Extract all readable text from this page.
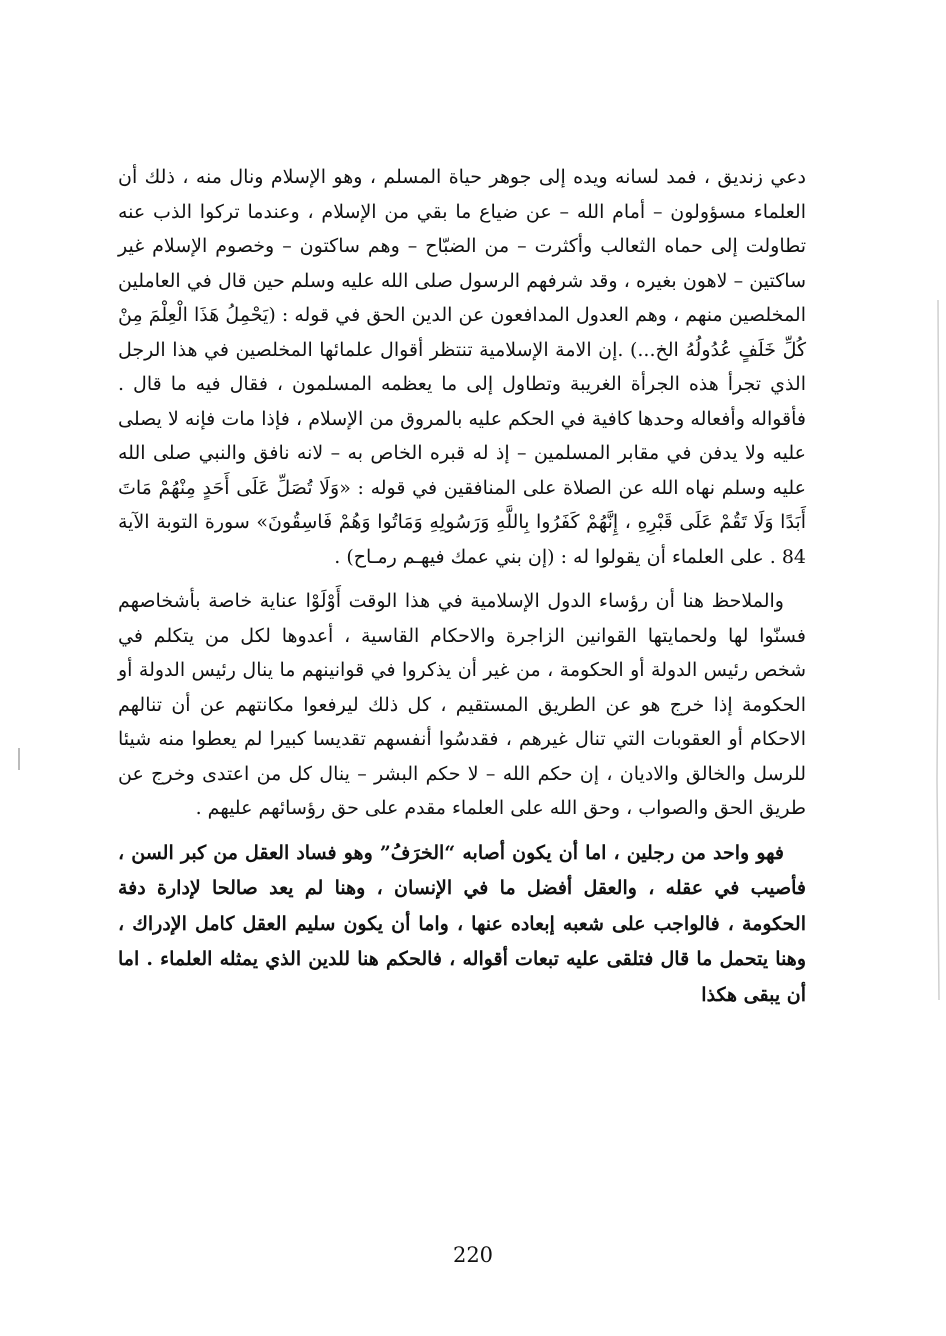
دعي زنديق ، فمد لسانه ويده إلى جوهر حياة المسلم ، وهو الإسلام ونال منه ، ذلك أن العلماء مسؤولون – أمام الله – عن ضياع ما بقي من الإسلام ، وعندما تركوا الذب عنه تطاولت إلى حماه الثعالب وأكثرت – من الضبّاح – وهم ساكتون – وخصوم الإسلام غير ساكتين – لاهون بغيره ، وقد شرفهم الرسول صلى الله عليه وسلم حين قال في العاملين المخلصين منهم ، وهم العدول المدافعون عن الدين الحق في قوله : (يَحْمِلُ هَذَا الْعِلْمَ مِنْ كُلِّ خَلَفٍ عُدُولُهُ الخ...) .إن الامة الإسلامية تنتظر أقوال علمائها المخلصين في هذا الرجل الذي تجرأ هذه الجرأة الغريبة وتطاول إلى ما يعظمه المسلمون ، فقال فيه ما قال . فأقواله وأفعاله وحدها كافية في الحكم عليه بالمروق من الإسلام ، فإذا مات فإنه لا يصلى عليه ولا يدفن في مقابر المسلمين – إذ له قبره الخاص به – لانه نافق والنبي صلى الله عليه وسلم نهاه الله عن الصلاة على المنافقين في قوله : «وَلَا تُصَلِّ عَلَى أَحَدٍ مِنْهُمْ مَاتَ أَبَدًا وَلَا تَقُمْ عَلَى قَبْرِهِ ، إِنَّهُمْ كَفَرُوا بِاللَّهِ وَرَسُولِهِ وَمَاتُوا وَهُمْ فَاسِقُونَ» سورة التوبة الآية 84 . على العلماء أن يقولوا له : (إن بني عمك فيهـم رمـاح) .

والملاحظ هنا أن رؤساء الدول الإسلامية في هذا الوقت أَوْلَوْا عناية خاصة بأشخاصهم فسنّوا لها ولحمايتها القوانين الزاجرة والاحكام القاسية ، أعدوها لكل من يتكلم في شخص رئيس الدولة أو الحكومة ، من غير أن يذكروا في قوانينهم ما ينال رئيس الدولة أو الحكومة إذا خرج هو عن الطريق المستقيم ، كل ذلك ليرفعوا مكانتهم عن أن تنالهم الاحكام أو العقوبات التي تنال غيرهم ، فقدسُوا أنفسهم تقديسا كبيرا لم يعطوا منه شيئا للرسل والخالق والاديان ، إن حكم الله – لا حكم البشر – ينال كل من اعتدى وخرج عن طريق الحق والصواب ، وحق الله على العلماء مقدم على حق رؤسائهم عليهم .

فهو واحد من رجلين ، اما أن يكون أصابه “الخرَفُ” وهو فساد العقل من كبر السن ، فأصيب في عقله ، والعقل أفضل ما في الإنسان ، وهنا لم يعد صالحا لإدارة دفة الحكومة ، فالواجب على شعبه إبعاده عنها ، واما أن يكون سليم العقل كامل الإدراك ، وهنا يتحمل ما قال فتلقى عليه تبعات أقواله ، فالحكم هنا للدين الذي يمثله العلماء . اما أن يبقى هكذا

220
